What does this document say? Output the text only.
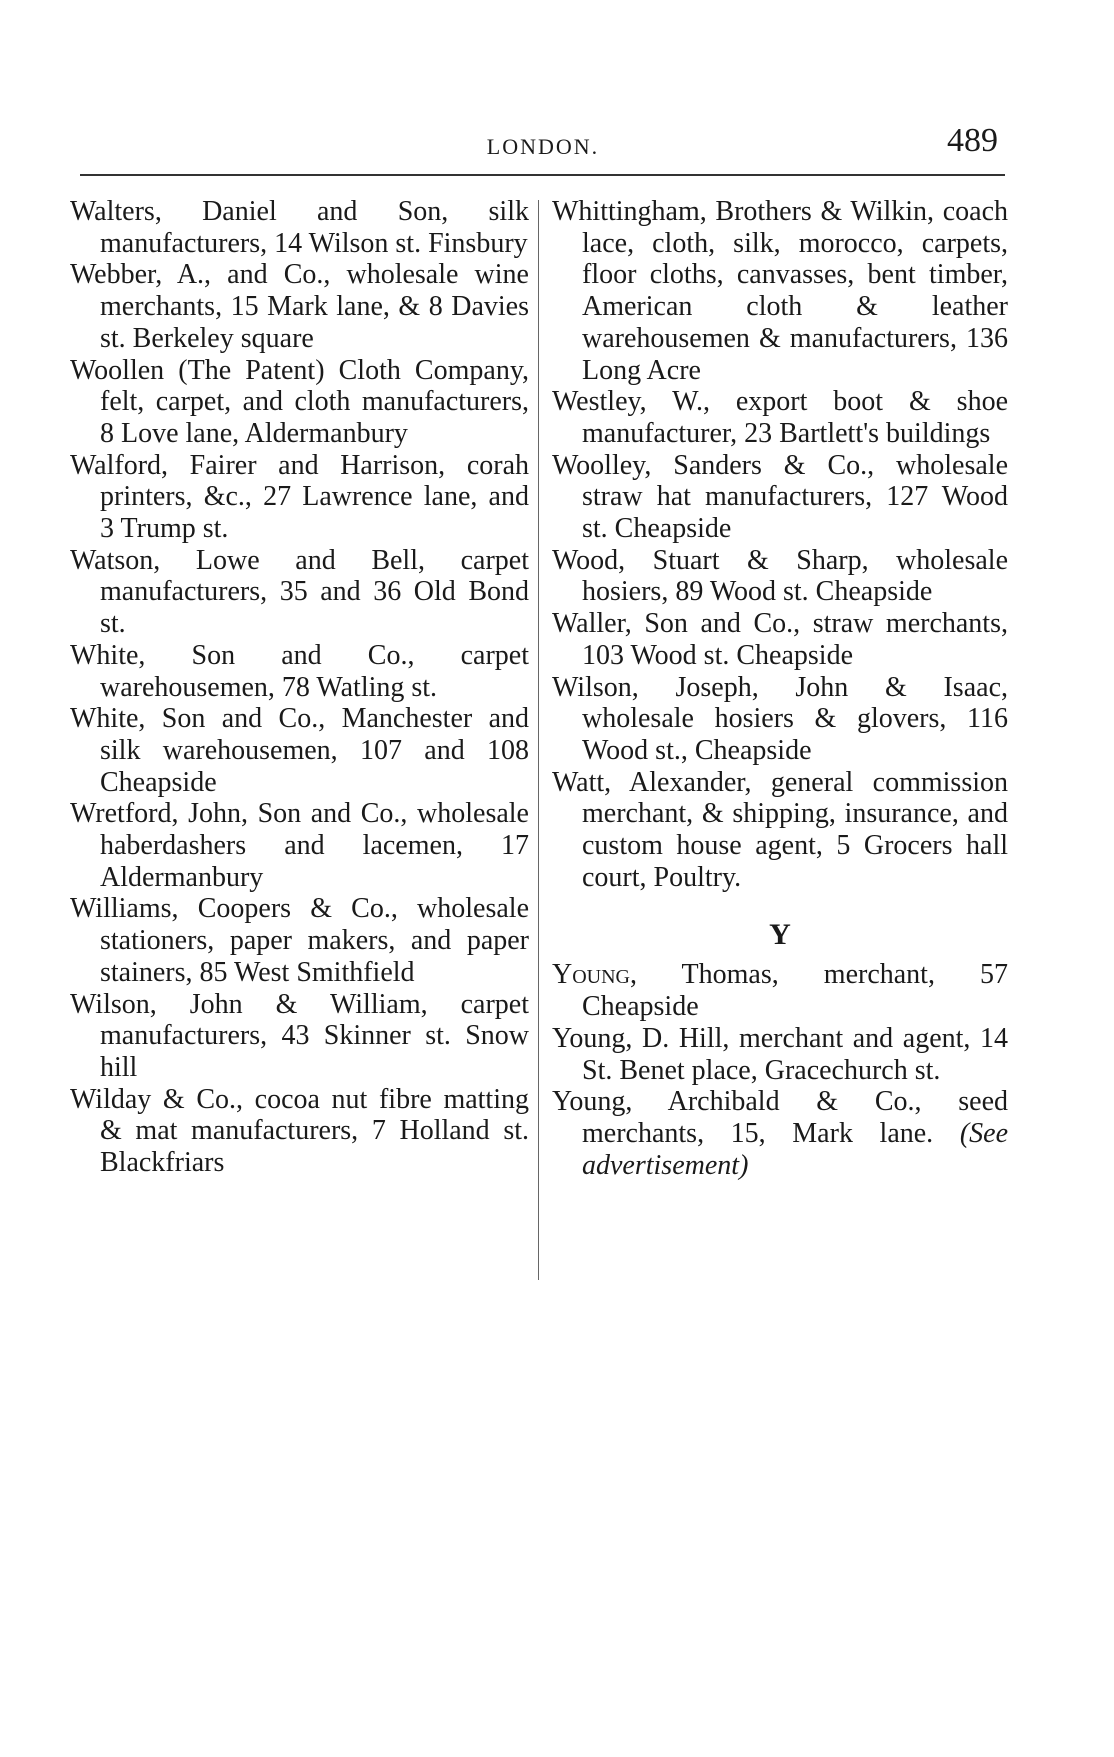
LONDON.	489

Walters, Daniel and Son, silk manufacturers, 14 Wilson st. Finsbury

Webber, A., and Co., wholesale wine merchants, 15 Mark lane, & 8 Davies st. Berkeley square

Woollen (The Patent) Cloth Company, felt, carpet, and cloth manufacturers, 8 Love lane, Aldermanbury

Walford, Fairer and Harrison, corah printers, &c., 27 Lawrence lane, and 3 Trump st.

Watson, Lowe and Bell, carpet manufacturers, 35 and 36 Old Bond st.

White, Son and Co., carpet warehousemen, 78 Watling st.

White, Son and Co., Manchester and silk warehousemen, 107 and 108 Cheapside

Wretford, John, Son and Co., wholesale haberdashers and lacemen, 17 Aldermanbury

Williams, Coopers & Co., wholesale stationers, paper makers, and paper stainers, 85 West Smithfield

Wilson, John & William, carpet manufacturers, 43 Skinner st. Snow hill

Wilday & Co., cocoa nut fibre matting & mat manufacturers, 7 Holland st. Blackfriars

Whittingham, Brothers & Wilkin, coach lace, cloth, silk, morocco, carpets, floor cloths, canvasses, bent timber, American cloth & leather warehousemen & manufacturers, 136 Long Acre

Westley, W., export boot & shoe manufacturer, 23 Bartlett's buildings

Woolley, Sanders & Co., wholesale straw hat manufacturers, 127 Wood st. Cheapside

Wood, Stuart & Sharp, wholesale hosiers, 89 Wood st. Cheapside

Waller, Son and Co., straw merchants, 103 Wood st. Cheapside

Wilson, Joseph, John & Isaac, wholesale hosiers & glovers, 116 Wood st., Cheapside

Watt, Alexander, general commission merchant, & shipping, insurance, and custom house agent, 5 Grocers hall court, Poultry.

Y

Young, Thomas, merchant, 57 Cheapside

Young, D. Hill, merchant and agent, 14 St. Benet place, Gracechurch st.

Young, Archibald & Co., seed merchants, 15, Mark lane. (See advertisement)
